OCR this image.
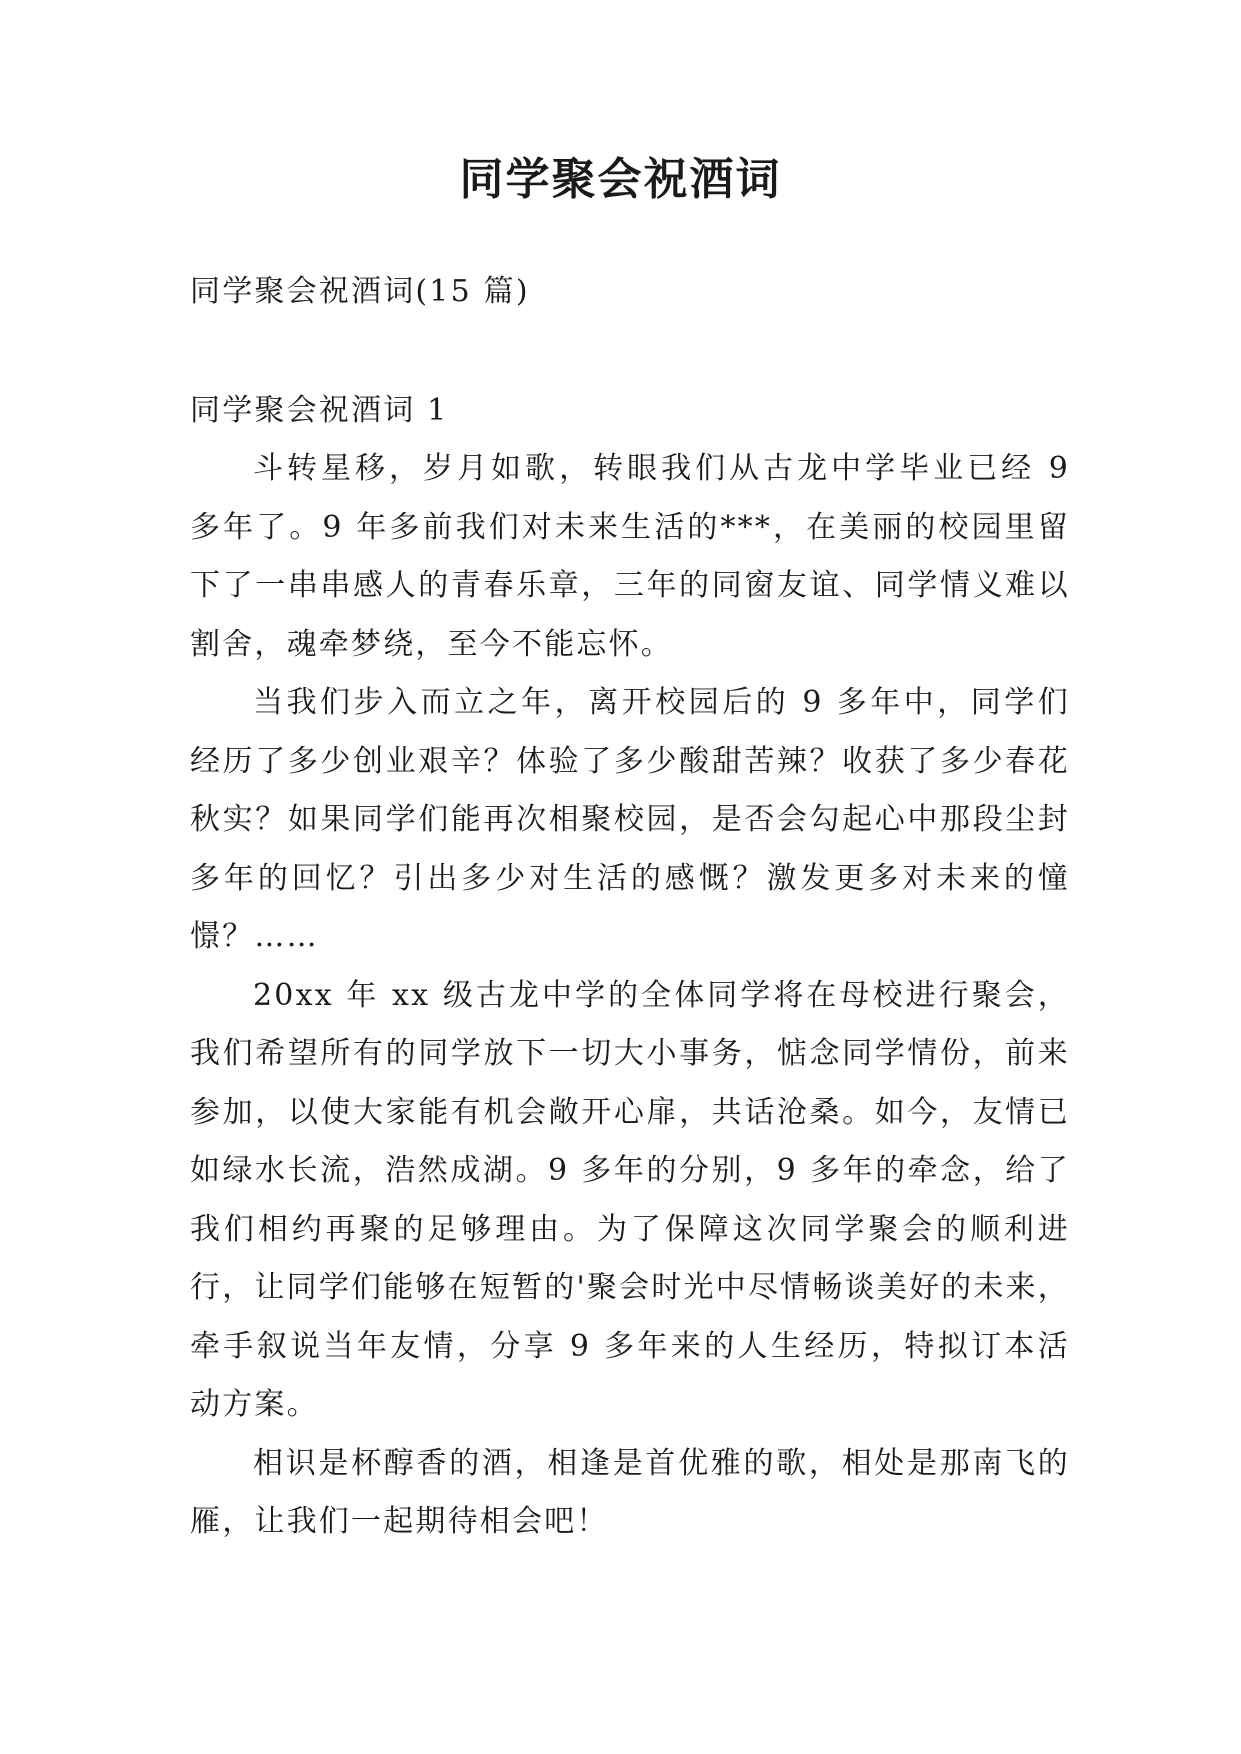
同学聚会祝酒词

同学聚会祝酒词(15 篇)

同学聚会祝酒词 1

斗转星移，岁月如歌，转眼我们从古龙中学毕业已经 9 多年了。9 年多前我们对未来生活的***，在美丽的校园里留下了一串串感人的青春乐章，三年的同窗友谊、同学情义难以割舍，魂牵梦绕，至今不能忘怀。

当我们步入而立之年，离开校园后的 9 多年中，同学们经历了多少创业艰辛？体验了多少酸甜苦辣？收获了多少春花秋实？如果同学们能再次相聚校园，是否会勾起心中那段尘封多年的回忆？引出多少对生活的感慨？激发更多对未来的憧憬？……

20xx 年 xx 级古龙中学的全体同学将在母校进行聚会，我们希望所有的同学放下一切大小事务，惦念同学情份，前来参加，以使大家能有机会敞开心扉，共话沧桑。如今，友情已如绿水长流，浩然成湖。9 多年的分别，9 多年的牵念，给了我们相约再聚的足够理由。为了保障这次同学聚会的顺利进行，让同学们能够在短暂的'聚会时光中尽情畅谈美好的未来，牵手叙说当年友情，分享 9 多年来的人生经历，特拟订本活动方案。

相识是杯醇香的酒，相逢是首优雅的歌，相处是那南飞的雁，让我们一起期待相会吧！
